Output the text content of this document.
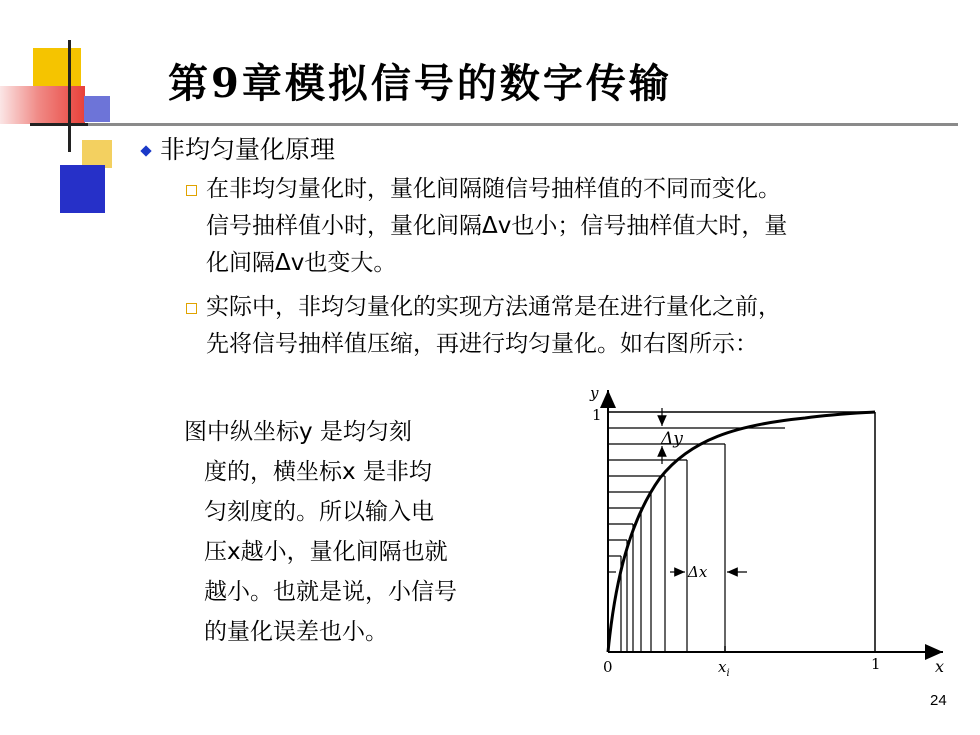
第9章模拟信号的数字传输
非均匀量化原理
在非均匀量化时，量化间隔随信号抽样值的不同而变化。
信号抽样值小时，量化间隔Δv也小；信号抽样值大时，量
化间隔Δv也变大。
实际中，非均匀量化的实现方法通常是在进行量化之前，
先将信号抽样值压缩，再进行均匀量化。如右图所示：
图中纵坐标y 是均匀刻
度的，横坐标x 是非均
匀刻度的。所以输入电
压x越小，量化间隔也就
越小。也就是说，小信号
的量化误差也小。
y
1
Δy
Δx
0	$x_i$
1	x
24
